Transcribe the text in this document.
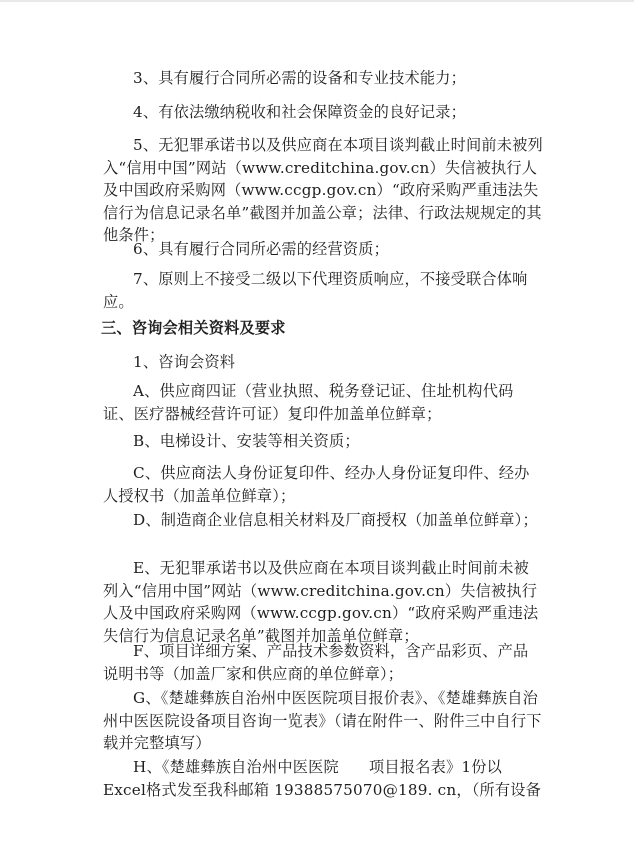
3、具有履行合同所必需的设备和专业技术能力；

4、有依法缴纳税收和社会保障资金的良好记录；

5、无犯罪承诺书以及供应商在本项目谈判截止时间前未被列入“信用中国”网站（www.creditchina.gov.cn）失信被执行人及中国政府采购网（www.ccgp.gov.cn）“政府采购严重违法失信行为信息记录名单”截图并加盖公章；法律、行政法规规定的其他条件；

6、具有履行合同所必需的经营资质；

7、原则上不接受二级以下代理资质响应，不接受联合体响应。

三、咨询会相关资料及要求

1、咨询会资料

A、供应商四证（营业执照、税务登记证、住址机构代码证、医疗器械经营许可证）复印件加盖单位鲜章；

B、电梯设计、安装等相关资质；

C、供应商法人身份证复印件、经办人身份证复印件、经办人授权书（加盖单位鲜章）；

D、制造商企业信息相关材料及厂商授权（加盖单位鲜章）；

E、无犯罪承诺书以及供应商在本项目谈判截止时间前未被列入“信用中国”网站（www.creditchina.gov.cn）失信被执行人及中国政府采购网（www.ccgp.gov.cn）“政府采购严重违法失信行为信息记录名单”截图并加盖单位鲜章；

F、项目详细方案、产品技术参数资料，含产品彩页、产品说明书等（加盖厂家和供应商的单位鲜章）；

G、《楚雄彝族自治州中医医院项目报价表》、《楚雄彝族自治州中医医院设备项目咨询一览表》（请在附件一、附件三中自行下载并完整填写）

H、《楚雄彝族自治州中医医院      项目报名表》1份以Excel格式发至我科邮箱 19388575070@189. cn，（所有设备
